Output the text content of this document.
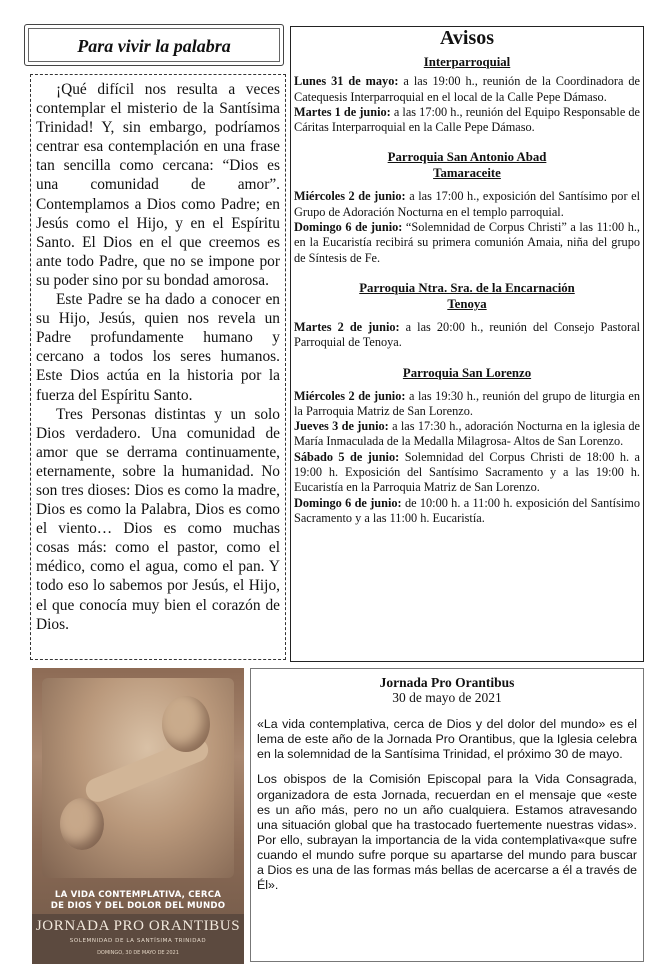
Para vivir la palabra

¡Qué difícil nos resulta a veces contemplar el misterio de la Santísima Trinidad! Y, sin embargo, podríamos centrar esa contemplación en una frase tan sencilla como cercana: “Dios es una comunidad de amor”. Contemplamos a Dios como Padre; en Jesús como el Hijo, y en el Espíritu Santo. El Dios en el que creemos es ante todo Padre, que no se impone por su poder sino por su bondad amorosa.

Este Padre se ha dado a conocer en su Hijo, Jesús, quien nos revela un Padre profundamente humano y cercano a todos los seres humanos. Este Dios actúa en la historia por la fuerza del Espíritu Santo.

Tres Personas distintas y un solo Dios verdadero. Una comunidad de amor que se derrama continuamente, eternamente, sobre la humanidad. No son tres dioses: Dios es como la madre, Dios es como la Palabra, Dios es como el viento… Dios es como muchas cosas más: como el pastor, como el médico, como el agua, como el pan. Y todo eso lo sabemos por Jesús, el Hijo, el que conocía muy bien el corazón de Dios.

Avisos
Interparroquial

Lunes 31 de mayo: a las 19:00 h., reunión de la Coordinadora de Catequesis Interparroquial en el local de la Calle Pepe Dámaso.

Martes 1 de junio: a las 17:00 h., reunión del Equipo Responsable de Cáritas Interparroquial en la Calle Pepe Dámaso.

Parroquia San Antonio Abad
Tamaraceite

Miércoles 2 de junio: a las 17:00 h., exposición del Santísimo por el Grupo de Adoración Nocturna en el templo parroquial.

Domingo 6 de junio: “Solemnidad de Corpus Christi” a las 11:00 h., en la Eucaristía recibirá su primera comunión Amaia, niña del grupo de Síntesis de Fe.

Parroquia Ntra. Sra. de la Encarnación
Tenoya

Martes 2 de junio: a las 20:00 h., reunión del Consejo Pastoral Parroquial de Tenoya.

Parroquia San Lorenzo

Miércoles 2 de junio: a las 19:30 h., reunión del grupo de liturgia en la Parroquia Matriz de San Lorenzo.

Jueves 3 de junio: a las 17:30 h., adoración Nocturna en la iglesia de María Inmaculada de la Medalla Milagrosa- Altos de San Lorenzo.

Sábado 5 de junio: Solemnidad del Corpus Christi de 18:00 h. a 19:00 h. Exposición del Santísimo Sacramento y a las 19:00 h. Eucaristía en la Parroquia Matriz de San Lorenzo.

Domingo 6 de junio: de 10:00 h. a 11:00 h. exposición del Santísimo Sacramento y a las 11:00 h. Eucaristía.

LA VIDA CONTEMPLATIVA, CERCA
DE DIOS Y DEL DOLOR DEL MUNDO
JORNADA PRO ORANTIBUS
SOLEMNIDAD DE LA SANTÍSIMA TRINIDAD
DOMINGO, 30 DE MAYO DE 2021
Jornada Pro Orantibus
30 de mayo de 2021

«La vida contemplativa, cerca de Dios y del dolor del mundo» es el lema de este año de la Jornada Pro Orantibus, que la Iglesia celebra en la solemnidad de la Santísima Trinidad, el próximo 30 de mayo.

Los obispos de la Comisión Episcopal para la Vida Consagrada, organizadora de esta Jornada, recuerdan en el mensaje que «este es un año más, pero no un año cualquiera. Estamos atravesando una situación global que ha trastocado fuertemente nuestras vidas». Por ello, subrayan la importancia de la vida contemplativa«que sufre cuando el mundo sufre porque su apartarse del mundo para buscar a Dios es una de las formas más bellas de acercarse a él a través de Él».
